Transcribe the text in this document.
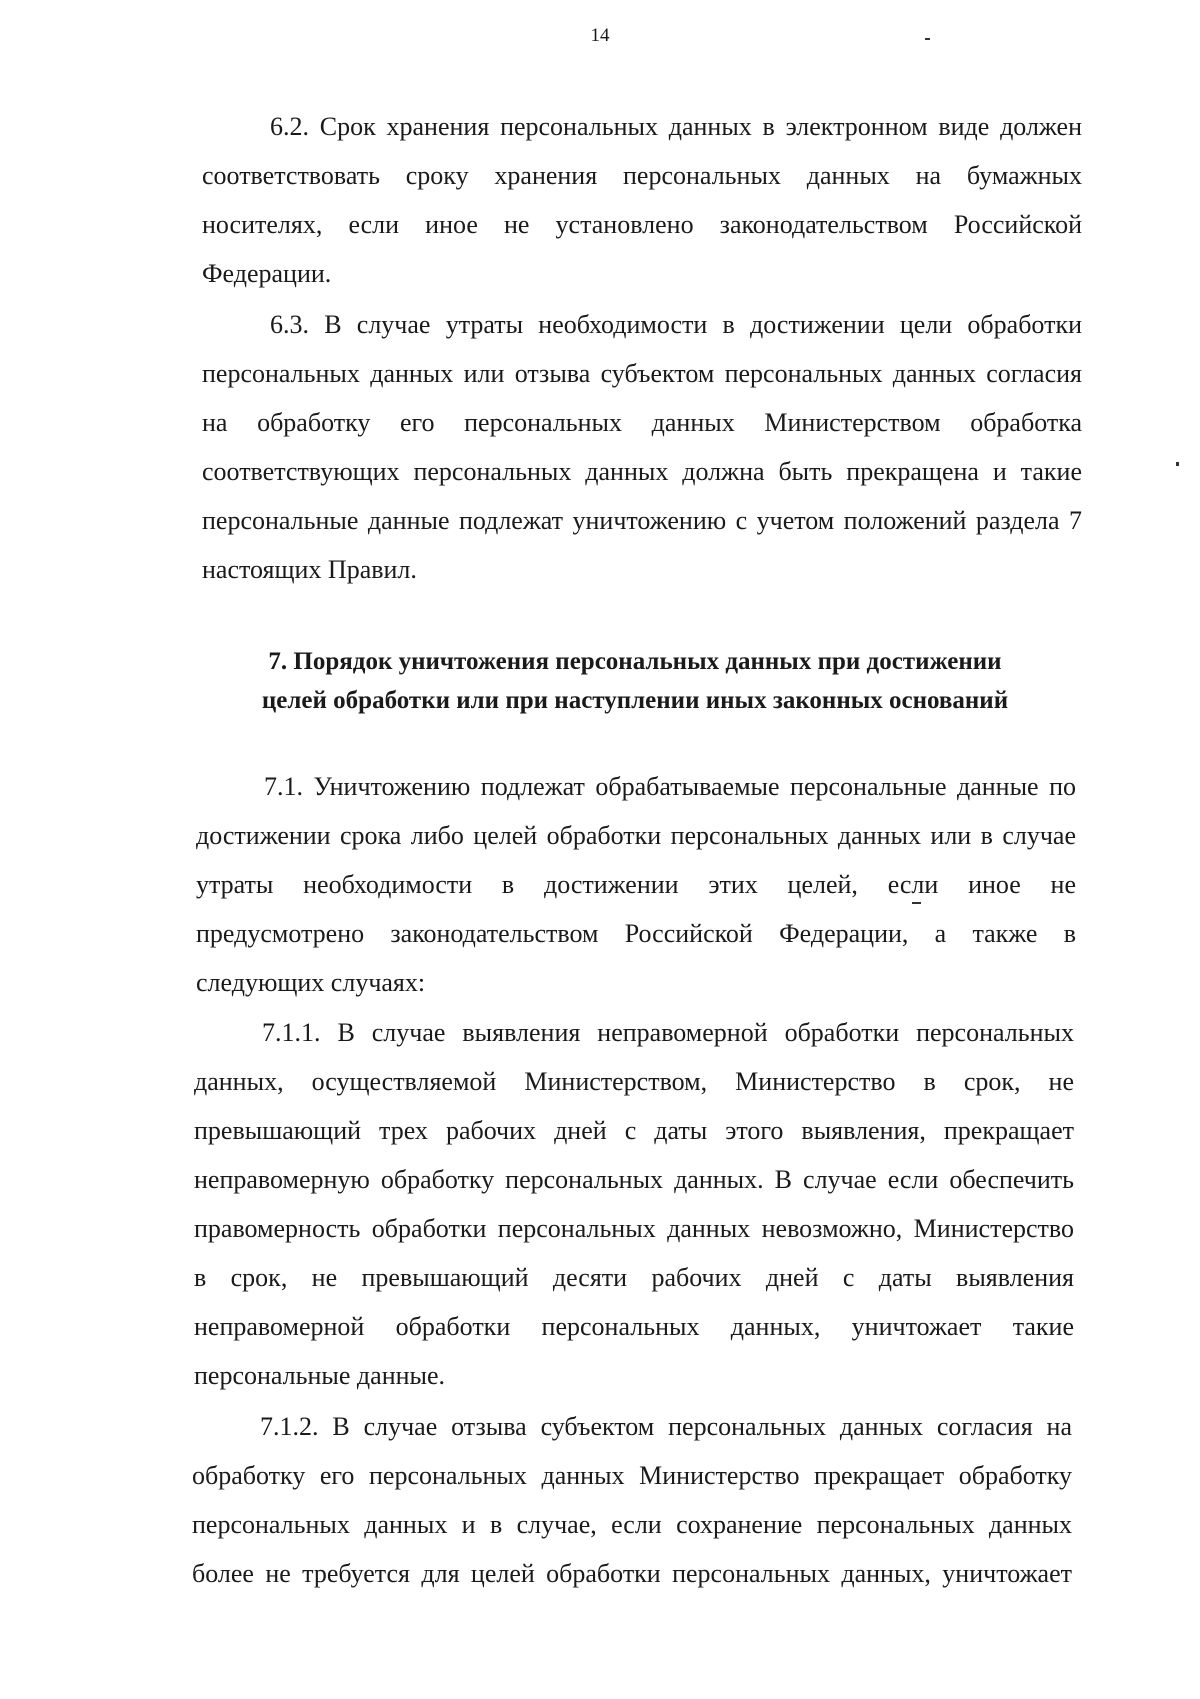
14
6.2. Срок хранения персональных данных в электронном виде должен
соответствовать сроку хранения персональных данных на бумажных
носителях, если иное не установлено законодательством Российской
Федерации.
6.3. В случае утраты необходимости в достижении цели обработки
персональных данных или отзыва субъектом персональных данных согласия
на обработку его персональных данных Министерством обработка
соответствующих персональных данных должна быть прекращена и такие
персональные данные подлежат уничтожению с учетом положений раздела 7
настоящих Правил.
7. Порядок уничтожения персональных данных при достижении
целей обработки или при наступлении иных законных оснований
7.1. Уничтожению подлежат обрабатываемые персональные данные по
достижении срока либо целей обработки персональных данных или в случае
утраты необходимости в достижении этих целей, если иное не
предусмотрено законодательством Российской Федерации, а также в
следующих случаях:
7.1.1. В случае выявления неправомерной обработки персональных
данных, осуществляемой Министерством, Министерство в срок, не
превышающий трех рабочих дней с даты этого выявления, прекращает
неправомерную обработку персональных данных. В случае если обеспечить
правомерность обработки персональных данных невозможно, Министерство
в срок, не превышающий десяти рабочих дней с даты выявления
неправомерной обработки персональных данных, уничтожает такие
персональные данные.
7.1.2. В случае отзыва субъектом персональных данных согласия на
обработку его персональных данных Министерство прекращает обработку
персональных данных и в случае, если сохранение персональных данных
более не требуется для целей обработки персональных данных, уничтожает
